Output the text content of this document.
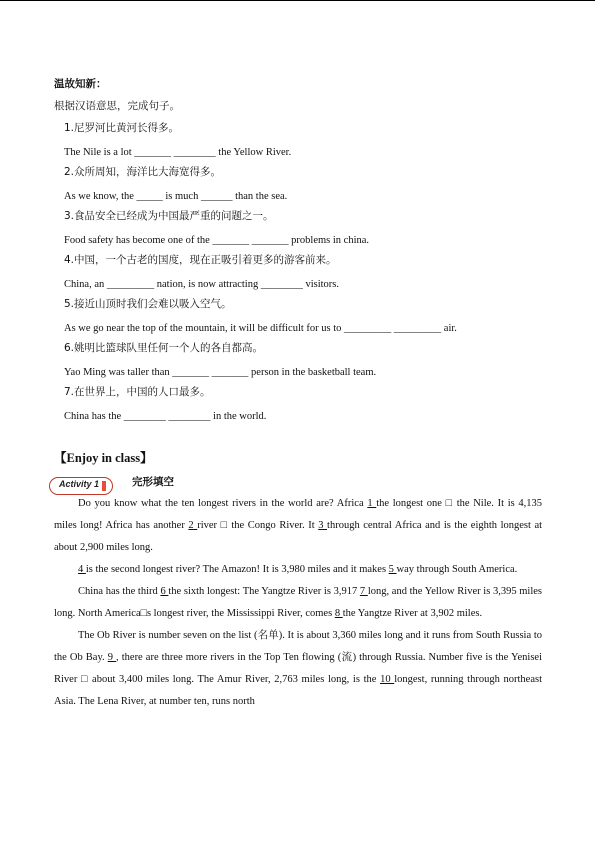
温故知新：
根据汉语意思，完成句子。
1.尼罗河比黄河长得多。
The Nile is a lot _______ ________ the Yellow River.
2.众所周知，海洋比大海宽得多。
As we know, the _____ is much ______ than the sea.
3.食品安全已经成为中国最严重的问题之一。
Food safety has become one of the _______ _______ problems in china.
4.中国，一个古老的国度，现在正吸引着更多的游客前来。
China, an _________ nation, is now attracting ________ visitors.
5.接近山顶时我们会难以吸入空气。
As we go near the top of the mountain, it will be difficult for us to _________ _________ air.
6.姚明比篮球队里任何一个人的各自都高。
Yao Ming was taller than _______ _______ person in the basketball team.
7.在世界上，中国的人口最多。
China has the ________ ________ in the world.
【Enjoy in class】
Activity 1	完形填空

Do you know what the ten longest rivers in the world are? Africa 1 the longest one □ the Nile. It is 4,135 miles long! Africa has another 2 river □ the Congo River. It 3 through central Africa and is the eighth longest at about 2,900 miles long.

4 is the second longest river? The Amazon! It is 3,980 miles and it makes 5 way through South America.

China has the third 6 the sixth longest: The Yangtze River is 3,917 7 long, and the Yellow River is 3,395 miles long. North America□s longest river, the Mississippi River, comes 8 the Yangtze River at 3,902 miles.

The Ob River is number seven on the list (名单). It is about 3,360 miles long and it runs from South Russia to the Ob Bay. 9 , there are three more rivers in the Top Ten flowing (流) through Russia. Number five is the Yenisei River □ about 3,400 miles long. The Amur River, 2,763 miles long, is the 10 longest, running through northeast Asia. The Lena River, at number ten, runs north
